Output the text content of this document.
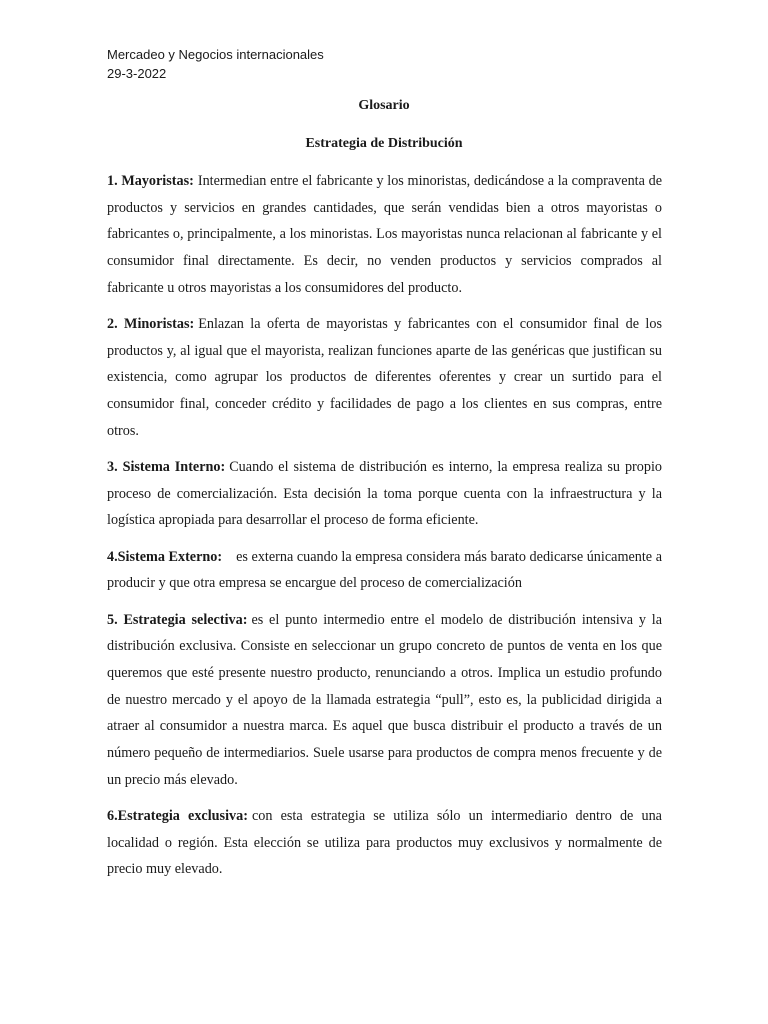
Mercadeo y Negocios internacionales
29-3-2022
Glosario
Estrategia de Distribución

1. Mayoristas: Intermedian entre el fabricante y los minoristas, dedicándose a la compraventa de productos y servicios en grandes cantidades, que serán vendidas bien a otros mayoristas o fabricantes o, principalmente, a los minoristas. Los mayoristas nunca relacionan al fabricante y el consumidor final directamente. Es decir, no venden productos y servicios comprados al fabricante u otros mayoristas a los consumidores del producto.

2. Minoristas: Enlazan la oferta de mayoristas y fabricantes con el consumidor final de los productos y, al igual que el mayorista, realizan funciones aparte de las genéricas que justifican su existencia, como agrupar los productos de diferentes oferentes y crear un surtido para el consumidor final, conceder crédito y facilidades de pago a los clientes en sus compras, entre otros.

3. Sistema Interno: Cuando el sistema de distribución es interno, la empresa realiza su propio proceso de comercialización. Esta decisión la toma porque cuenta con la infraestructura y la logística apropiada para desarrollar el proceso de forma eficiente.

4.Sistema Externo: es externa cuando la empresa considera más barato dedicarse únicamente a producir y que otra empresa se encargue del proceso de comercialización

5. Estrategia selectiva: es el punto intermedio entre el modelo de distribución intensiva y la distribución exclusiva. Consiste en seleccionar un grupo concreto de puntos de venta en los que queremos que esté presente nuestro producto, renunciando a otros. Implica un estudio profundo de nuestro mercado y el apoyo de la llamada estrategia “pull”, esto es, la publicidad dirigida a atraer al consumidor a nuestra marca. Es aquel que busca distribuir el producto a través de un número pequeño de intermediarios. Suele usarse para productos de compra menos frecuente y de un precio más elevado.

6.Estrategia exclusiva: con esta estrategia se utiliza sólo un intermediario dentro de una localidad o región. Esta elección se utiliza para productos muy exclusivos y normalmente de precio muy elevado.
